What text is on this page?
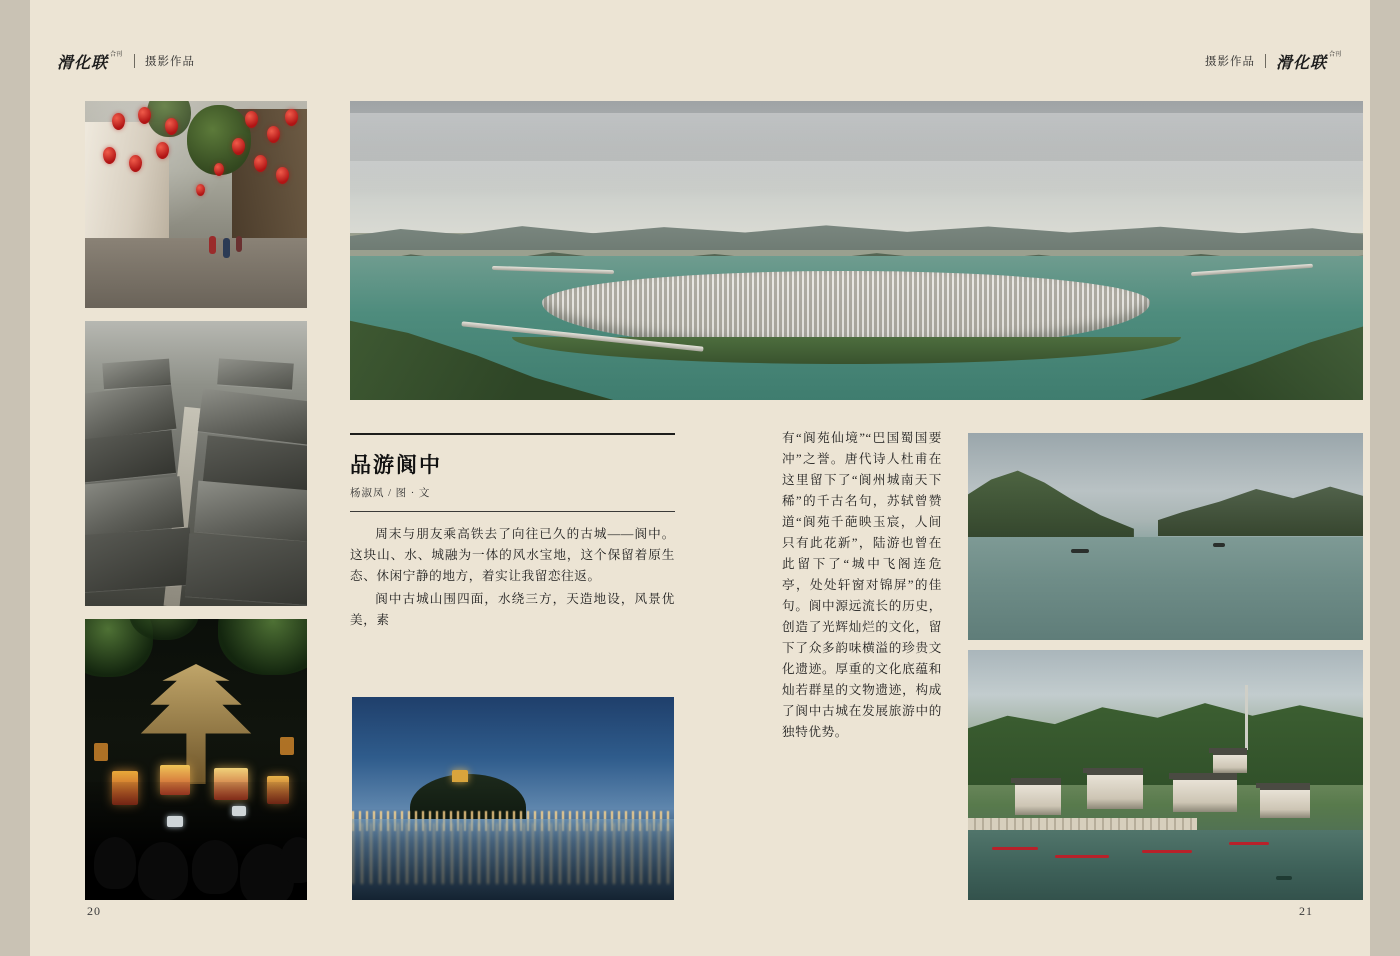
滑化联 合刊
摄影作品
品游阆中
杨淑凤 / 图 · 文

周末与朋友乘高铁去了向往已久的古城——阆中。这块山、水、城融为一体的风水宝地，这个保留着原生态、休闲宁静的地方，着实让我留恋往返。

阆中古城山围四面，水绕三方，天造地设，风景优美，素

20
摄影作品 滑化联 合刊
21

有“阆苑仙境”“巴国蜀国要冲”之誉。唐代诗人杜甫在这里留下了“阆州城南天下稀”的千古名句，苏轼曾赞道“阆苑千葩映玉宸，人间只有此花新”，陆游也曾在此留下了“城中飞阁连危亭，处处轩窗对锦屏”的佳句。阆中源远流长的历史，创造了光辉灿烂的文化，留下了众多韵味横溢的珍贵文化遗迹。厚重的文化底蕴和灿若群星的文物遗迹，构成了阆中古城在发展旅游中的独特优势。
